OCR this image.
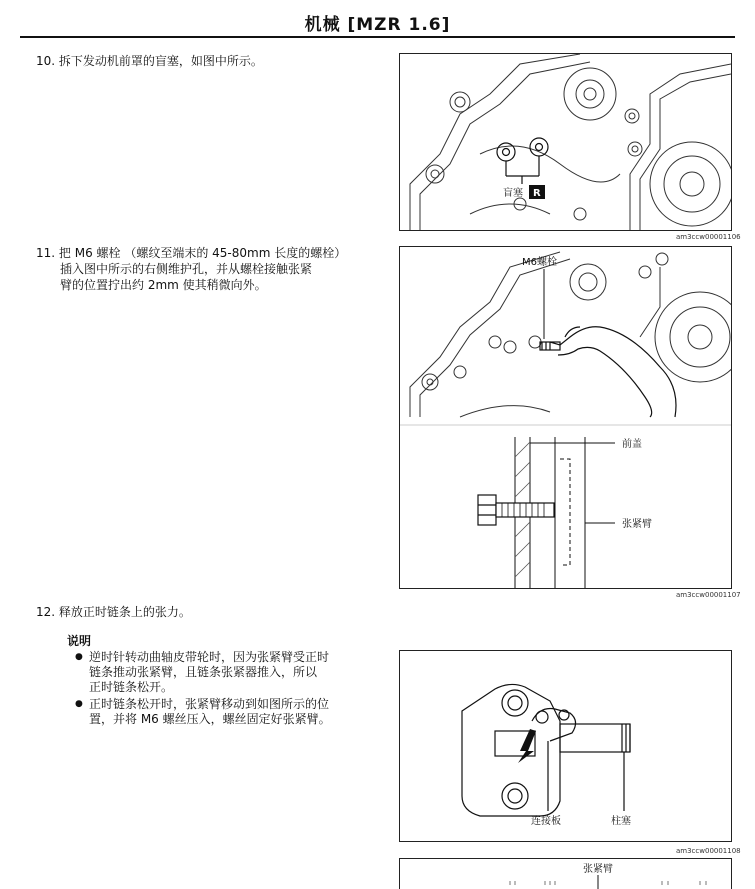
机械 [MZR 1.6]
10. 拆下发动机前罩的盲塞，如图中所示。
盲塞 R
am3ccw00001106
11. 把 M6 螺栓 （螺纹至端末的 45-80mm 长度的螺栓）
插入图中所示的右侧维护孔，并从螺栓接触张紧
臂的位置拧出约 2mm 使其稍微向外。
M6螺栓
前盖
张紧臂
am3ccw00001107
12. 释放正时链条上的张力。
说明
● 逆时针转动曲轴皮带轮时，因为张紧臂受正时
链条推动张紧臂，且链条张紧器推入，所以
正时链条松开。
● 正时链条松开时，张紧臂移动到如图所示的位
置，并将 M6 螺丝压入，螺丝固定好张紧臂。
连接板	柱塞
am3ccw00001108
张紧臂
